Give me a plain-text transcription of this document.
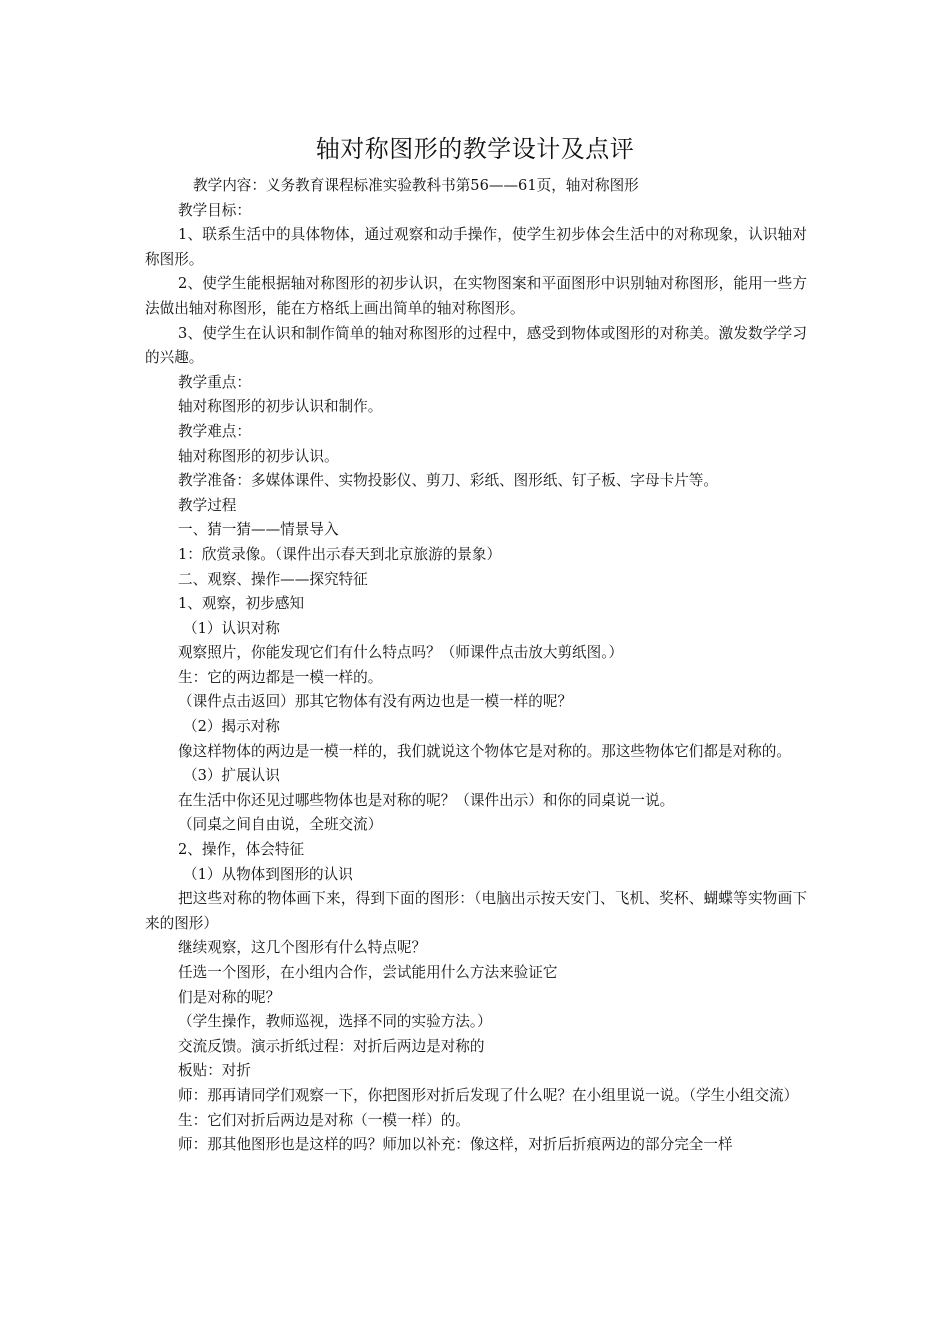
轴对称图形的教学设计及点评

教学内容：义务教育课程标准实验教科书第56——61页，轴对称图形

教学目标：

1、联系生活中的具体物体，通过观察和动手操作，使学生初步体会生活中的对称现象，认识轴对称图形。

2、使学生能根据轴对称图形的初步认识，在实物图案和平面图形中识别轴对称图形，能用一些方法做出轴对称图形，能在方格纸上画出简单的轴对称图形。

3、使学生在认识和制作简单的轴对称图形的过程中，感受到物体或图形的对称美。激发数学学习的兴趣。

教学重点：

轴对称图形的初步认识和制作。

教学难点：

轴对称图形的初步认识。

教学准备：多媒体课件、实物投影仪、剪刀、彩纸、图形纸、钉子板、字母卡片等。

教学过程

一、猜一猜——情景导入

1：欣赏录像。（课件出示春天到北京旅游的景象）

二、观察、操作——探究特征

1、观察，初步感知

（1）认识对称

观察照片，你能发现它们有什么特点吗？（师课件点击放大剪纸图。）

生：它的两边都是一模一样的。

（课件点击返回）那其它物体有没有两边也是一模一样的呢？

（2）揭示对称

像这样物体的两边是一模一样的，我们就说这个物体它是对称的。那这些物体它们都是对称的。

（3）扩展认识

在生活中你还见过哪些物体也是对称的呢？（课件出示）和你的同桌说一说。

（同桌之间自由说，全班交流）

2、操作，体会特征

（1）从物体到图形的认识

把这些对称的物体画下来，得到下面的图形：（电脑出示按天安门、飞机、奖杯、蝴蝶等实物画下来的图形）

继续观察，这几个图形有什么特点呢？

任选一个图形，在小组内合作，尝试能用什么方法来验证它

们是对称的呢？

（学生操作，教师巡视，选择不同的实验方法。）

交流反馈。演示折纸过程：对折后两边是对称的

板贴：对折

师：那再请同学们观察一下，你把图形对折后发现了什么呢？在小组里说一说。（学生小组交流）

生：它们对折后两边是对称（一模一样）的。

师：那其他图形也是这样的吗？师加以补充：像这样，对折后折痕两边的部分完全一样
